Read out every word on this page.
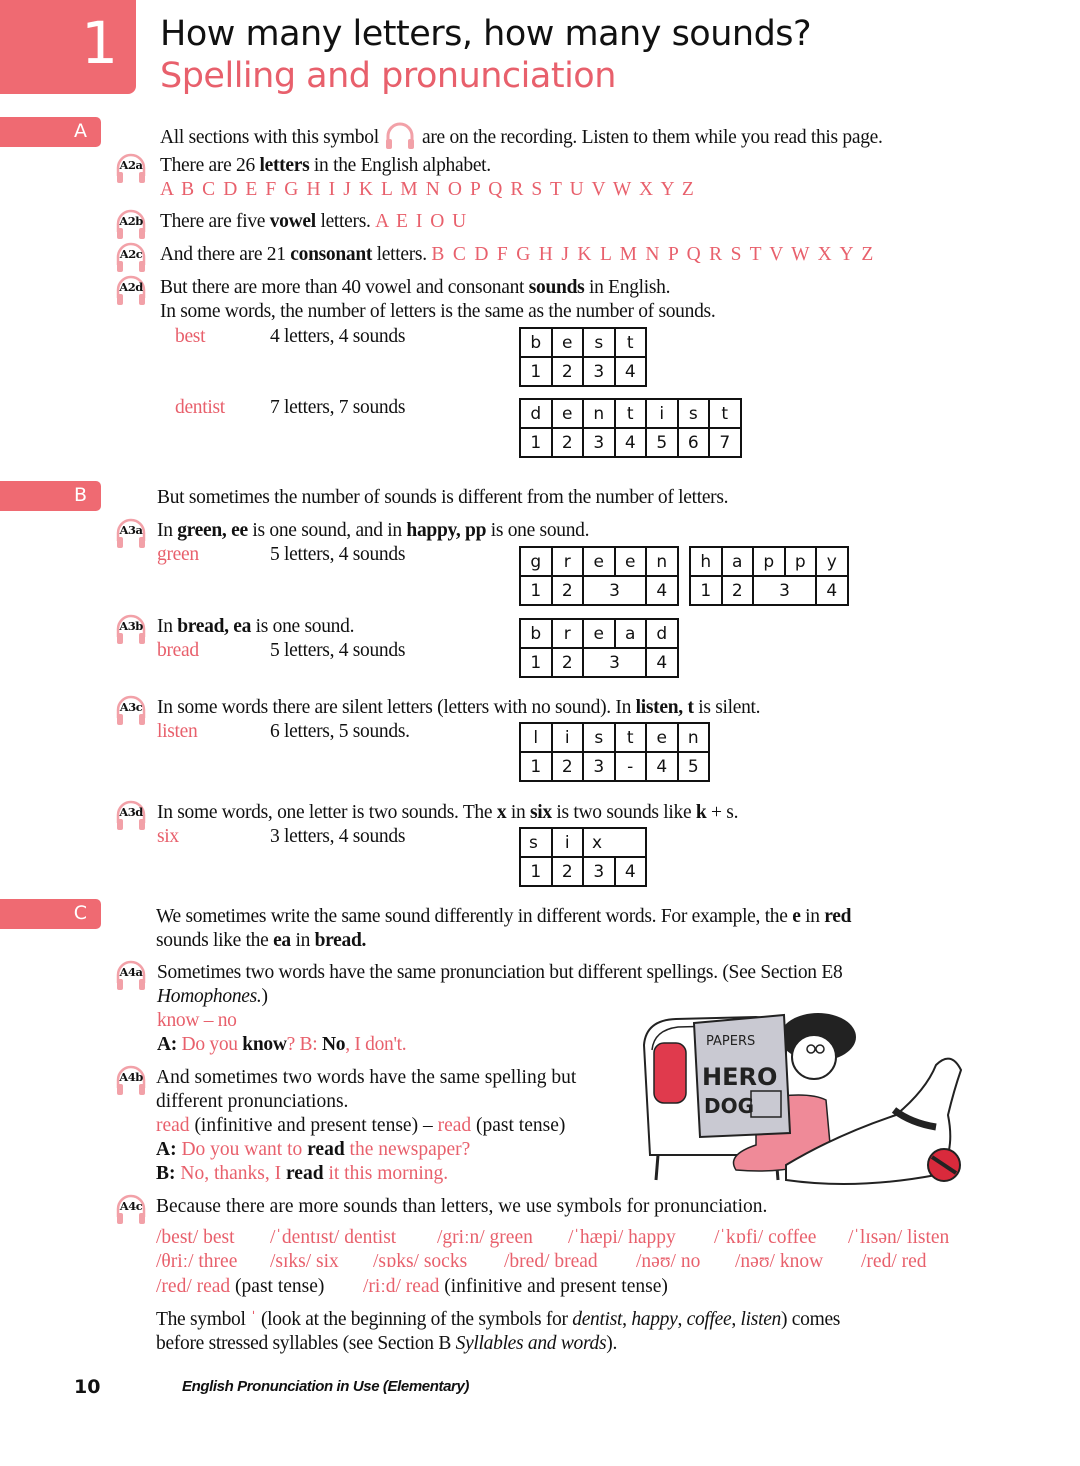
1 How many letters, how many sounds?
Spelling and pronunciation
A	All sections with this symbol are on the recording. Listen to them while you read this page.
A2a There are 26 letters in the English alphabet.
A B C D E F G H I J K L M N O P Q R S T U V W X Y Z
A2b There are five vowel letters. A E I O U
A2c And there are 21 consonant letters. B C D F G H J K L M N P Q R S T V W X Y Z
A2d But there are more than 40 vowel and consonant sounds in English.
In some words, the number of letters is the same as the number of sounds.
best	4 letters, 4 sounds	b	e	s	t
1	2	3	4
dentist 7 letters, 7 sounds	d	e	n	t	i	s	t
1	2	3	4	5	6	7
B	But sometimes the number of sounds is different from the number of letters.
A3a In green, ee is one sound, and in happy, pp is one sound.
green	5 letters, 4 sounds	g	r	e	e	n
1	2	3		4
h	a	p	p	y
1	2	3		4
A3b In bread, ea is one sound.
bread	5 letters, 4 sounds
b	r	e	a	d
1	2	3		4
A3c In some words there are silent letters (letters with no sound). In listen, t is silent.
listen	6 letters, 5 sounds.	l	i	s	t	e	n
1	2	3	-	4	5
A3d In some words, one letter is two sounds. The x in six is two sounds like k + s.
six	3 letters, 4 sounds	s	i	x	
1	2	3	4
C	We sometimes write the same sound differently in different words. For example, the e in red
sounds like the ea in bread.
A4a Sometimes two words have the same pronunciation but different spellings. (See Section E8
Homophones.)
know – no
A: Do you know? B: No, I don't.
A4b And sometimes two words have the same spelling but
different pronunciations.
read (infinitive and present tense) – read (past tense)
A: Do you want to read the newspaper?
B: No, thanks, I read it this morning.
PAPERS
HERO
DOG
A4c Because there are more sounds than letters, we use symbols for pronunciation.
/best/ best /ˈdentɪst/ dentist /griːn/ green /ˈhæpi/ happy /ˈkɒfi/ coffee /ˈlɪsən/ listen
/θriː/ three /sɪks/ six /sɒks/ socks /bred/ bread /nəʊ/ no /nəʊ/ know /red/ red
/red/ read (past tense) /riːd/ read (infinitive and present tense)
The symbol ˈ (look at the beginning of the symbols for dentist, happy, coffee, listen) comes
before stressed syllables (see Section B Syllables and words).
10	English Pronunciation in Use (Elementary)
